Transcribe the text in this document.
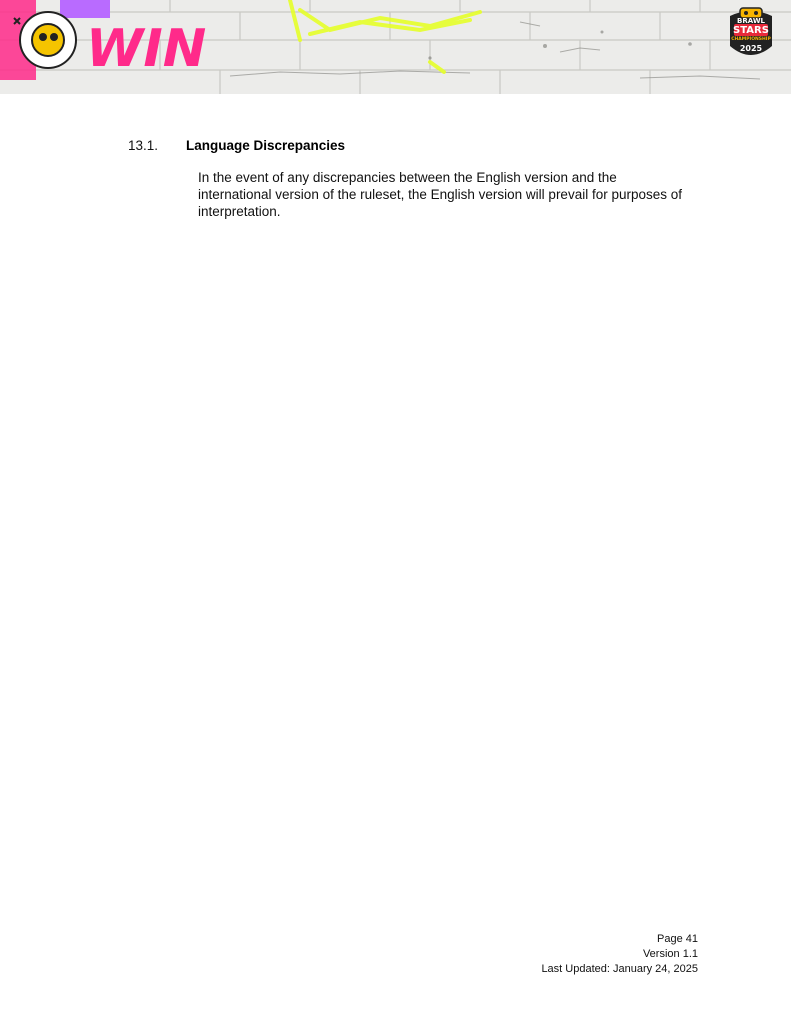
WIN	BRAWL
STARS
CHAMPIONSHIP
2025
13.1. Language Discrepancies
In the event of any discrepancies between the English version and the international version of the ruleset, the English version will prevail for purposes of interpretation.
Page 41
Version 1.1
Last Updated: January 24, 2025
